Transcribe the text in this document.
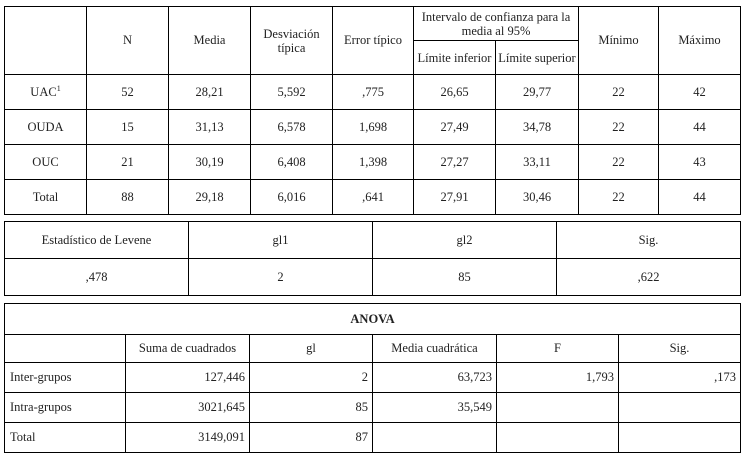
	N	Media	Desviación típica	Error típico	Intervalo de confianza para la media al 95%		Mínimo	Máximo
					Límite inferior	Límite superior		
UAC$^1$	52	28,21	5,592	,775	26,65	29,77	22	42
OUDA	15	31,13	6,578	1,698	27,49	34,78	22	44
OUC	21	30,19	6,408	1,398	27,27	33,11	22	43
Total	88	29,18	6,016	,641	27,91	30,46	22	44
Estadístico de Levene	gl1	gl2	Sig.
,478	2	85	,622
ANOVA					
	Suma de cuadrados	gl	Media cuadrática	F	Sig.
Inter-grupos	127,446	2	63,723	1,793	,173
Intra-grupos	3021,645	85	35,549		
Total	3149,091	87			
